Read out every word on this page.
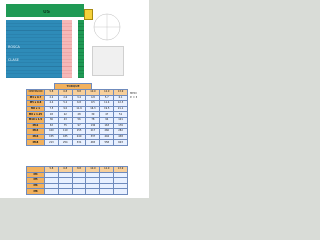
US
ROSCA
CLASE
TORQUE
DIMENSION	5.8	6.8	8.8	10.9	12.9	13.9
M4 x 0.7	2.2	2.6	3.4	4.8	5.7	6.1
M5 x 0.8	4.4	5.2	6.8	9.5	11.4	12.3
M6 x 1	7.5	9.0	11.6	16.3	19.5	21.1
M8 x 1.25	18	22	28	39	47	51
M10 x 1.5	36	43	56	78	94	101
M12	63	75	97	136	163	176
M14	100	119	155	217	260	282
M16	155	185	240	337	404	438
M18	213	254	331	465	558	603
MEDI
P. = 6
	5.8	6.8	8.8	10.9	12.9	13.9
M4						
M5						
M6						
M8						
